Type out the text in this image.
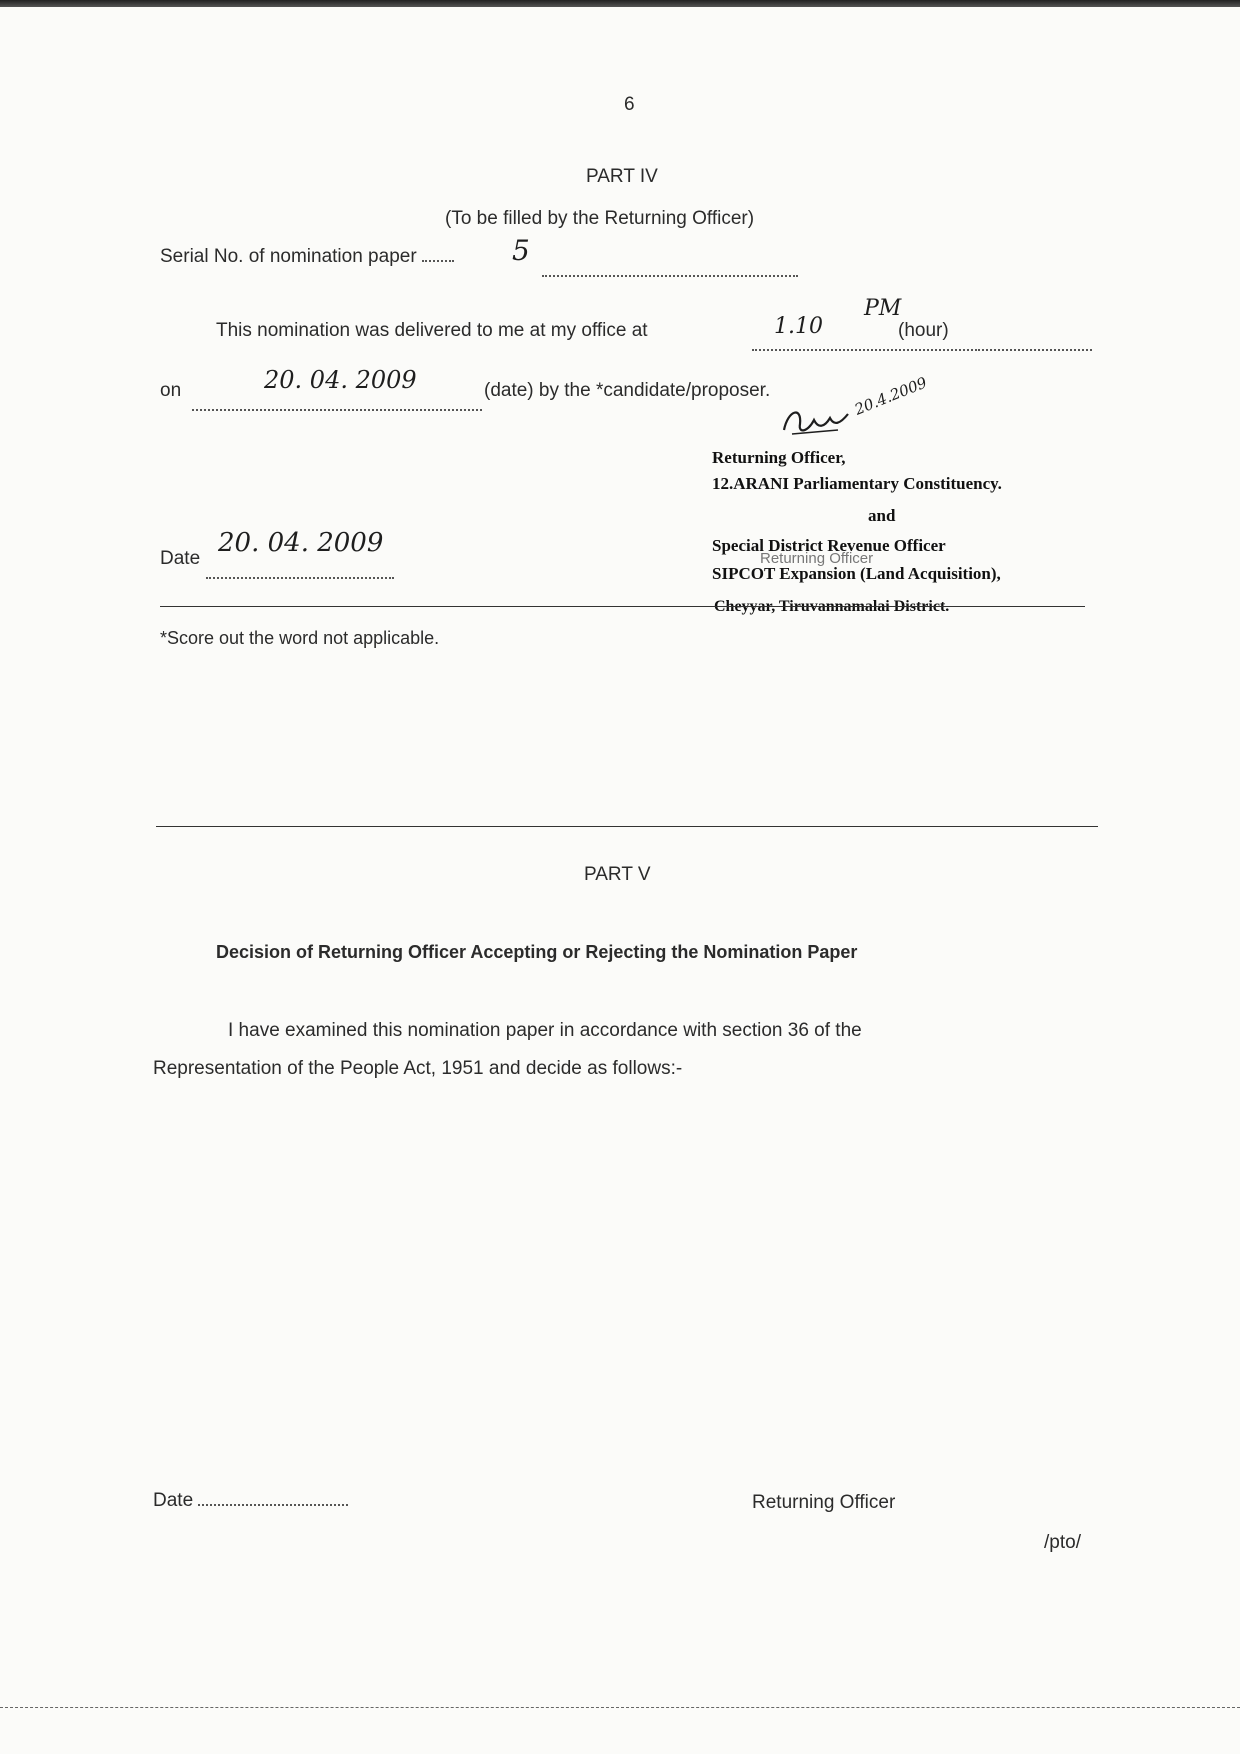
6
PART IV
(To be filled by the Returning Officer)
Serial No. of nomination paper	5
This nomination was delivered to me at my office at	1.10
PM
(hour)
on	20. 04. 2009	(date) by the *candidate/proposer.	20.4.2009
Returning Officer,
12.ARANI Parliamentary Constituency.
and
Special District Revenue Officer
SIPCOT Expansion (Land Acquisition),
Cheyyar, Tiruvannamalai District.
Returning Officer
Date
20. 04. 2009
*Score out the word not applicable.
PART V
Decision of Returning Officer Accepting or Rejecting the Nomination Paper
I have examined this nomination paper in accordance with section 36 of the
Representation of the People Act, 1951 and decide as follows:-
Date	Returning Officer
/pto/
